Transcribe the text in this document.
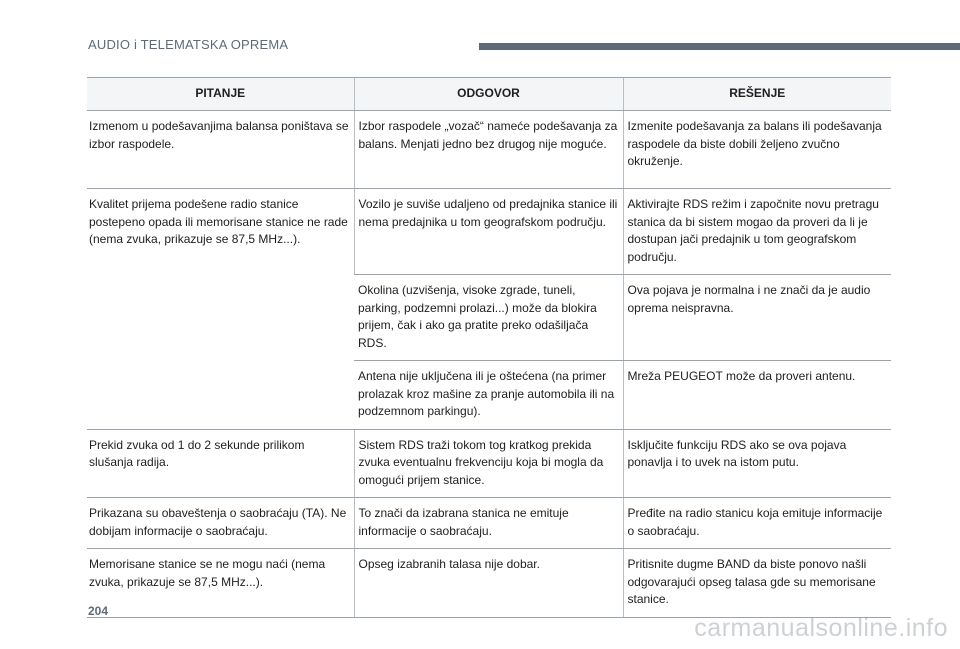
AUDIO i TELEMATSKA OPREMA
PITANJE	ODGOVOR	REŠENJE
Izmenom u podešavanjima balansa poništava se izbor raspodele.	Izbor raspodele „vozač“ nameće podešavanja za balans. Menjati jedno bez drugog nije moguće.	Izmenite podešavanja za balans ili podešavanja raspodele da biste dobili željeno zvučno okruženje.
Kvalitet prijema podešene radio stanice postepeno opada ili memorisane stanice ne rade (nema zvuka, prikazuje se 87,5 MHz...).	Vozilo je suviše udaljeno od predajnika stanice ili nema predajnika u tom geografskom području.	Aktivirajte RDS režim i započnite novu pretragu stanica da bi sistem mogao da proveri da li je dostupan jači predajnik u tom geografskom području.
	Okolina (uzvišenja, visoke zgrade, tuneli, parking, podzemni prolazi...) može da blokira prijem, čak i ako ga pratite preko odašiljača RDS.	Ova pojava je normalna i ne znači da je audio oprema neispravna.
	Antena nije uključena ili je oštećena (na primer prolazak kroz mašine za pranje automobila ili na podzemnom parkingu).	Mreža PEUGEOT može da proveri antenu.
Prekid zvuka od 1 do 2 sekunde prilikom slušanja radija.	Sistem RDS traži tokom tog kratkog prekida zvuka eventualnu frekvenciju koja bi mogla da omogući prijem stanice.	Isključite funkciju RDS ako se ova pojava ponavlja i to uvek na istom putu.
Prikazana su obaveštenja o saobraćaju (TA). Ne dobijam informacije o saobraćaju.	To znači da izabrana stanica ne emituje informacije o saobraćaju.	Pređite na radio stanicu koja emituje informacije o saobraćaju.
Memorisane stanice se ne mogu naći (nema zvuka, prikazuje se 87,5 MHz...).	Opseg izabranih talasa nije dobar.	Pritisnite dugme BAND da biste ponovo našli odgovarajući opseg talasa gde su memorisane stanice.
204
carmanualsonline.info
